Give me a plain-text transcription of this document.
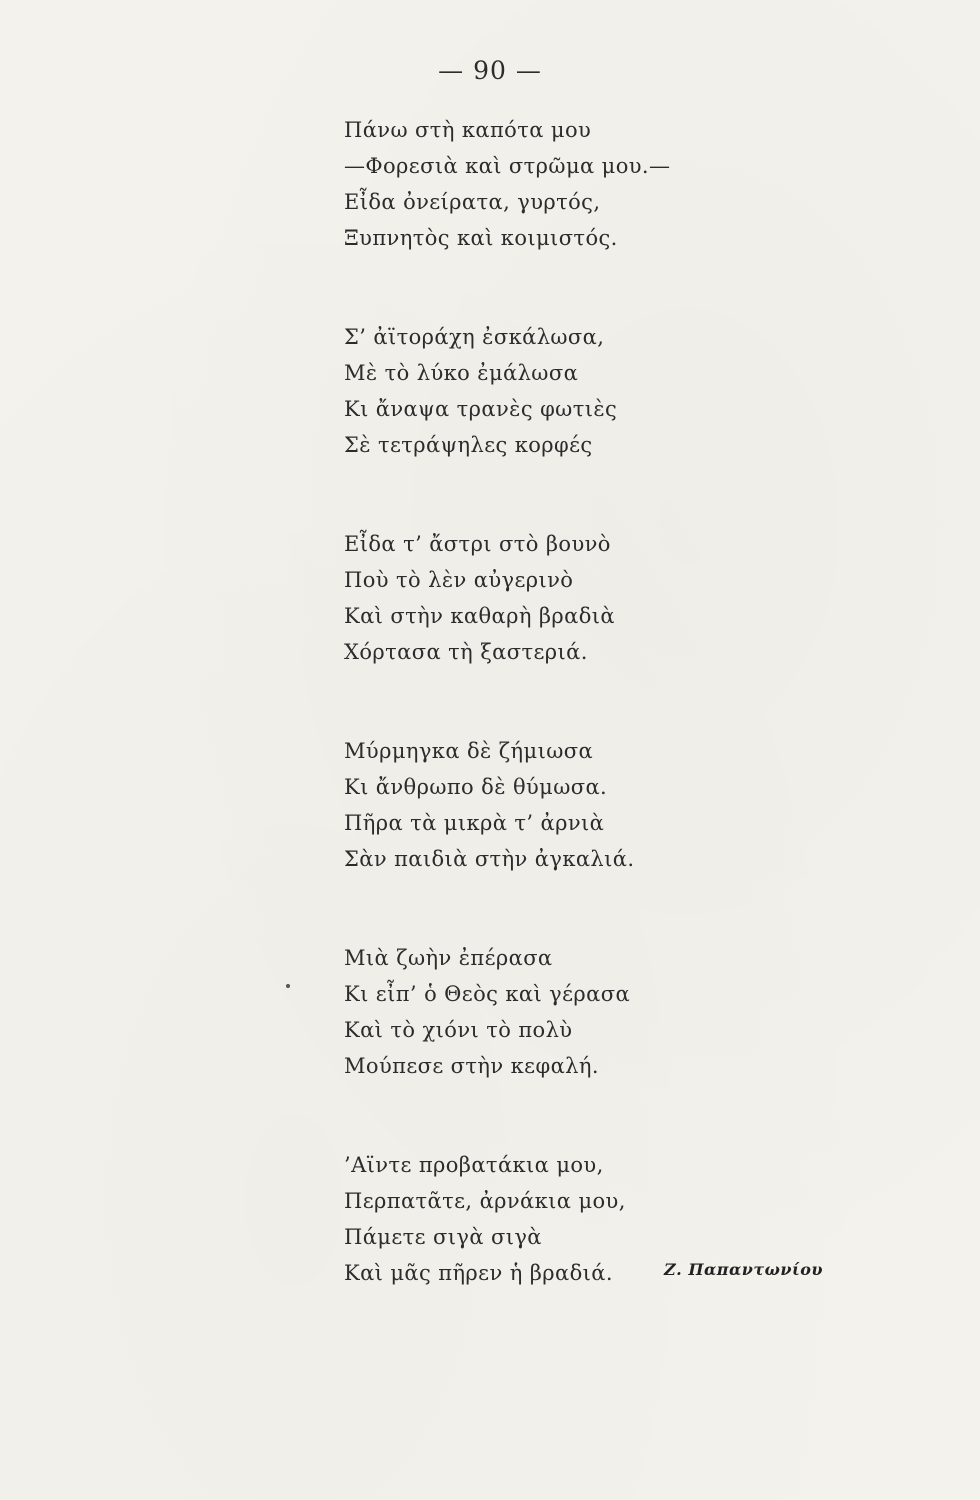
— 90 —
Πάνω στὴ καπότα μου
—Φορεσιὰ καὶ στρῶμα μου.—
Εἶδα ὀνείρατα, γυρτός,
Ξυπνητὸς καὶ κοιμιστός.
Σ’ ἀϊτοράχη ἐσκάλωσα,
Μὲ τὸ λύκο ἐμάλωσα
Κι ἄναψα τρανὲς φωτιὲς
Σὲ τετράψηλες κορφές
Εἶδα τ’ ἄστρι στὸ βουνὸ
Ποὺ τὸ λὲν αὐγερινὸ
Καὶ στὴν καθαρὴ βραδιὰ
Χόρτασα τὴ ξαστεριά.
Μύρμηγκα δὲ ζήμιωσα
Κι ἄνθρωπο δὲ θύμωσα.
Πῆρα τὰ μικρὰ τ’ ἀρνιὰ
Σὰν παιδιὰ στὴν ἀγκαλιά.
Μιὰ ζωὴν ἐπέρασα
Κι εἶπ’ ὁ Θεὸς καὶ γέρασα
Καὶ τὸ χιόνι τὸ πολὺ
Μούπεσε στὴν κεφαλή.
’Αϊντε προβατάκια μου,
Περπατᾶτε, ἀρνάκια μου,
Πάμετε σιγὰ σιγὰ
Καὶ μᾶς πῆρεν ἡ βραδιά.	Ζ. Παπαντωνίου
